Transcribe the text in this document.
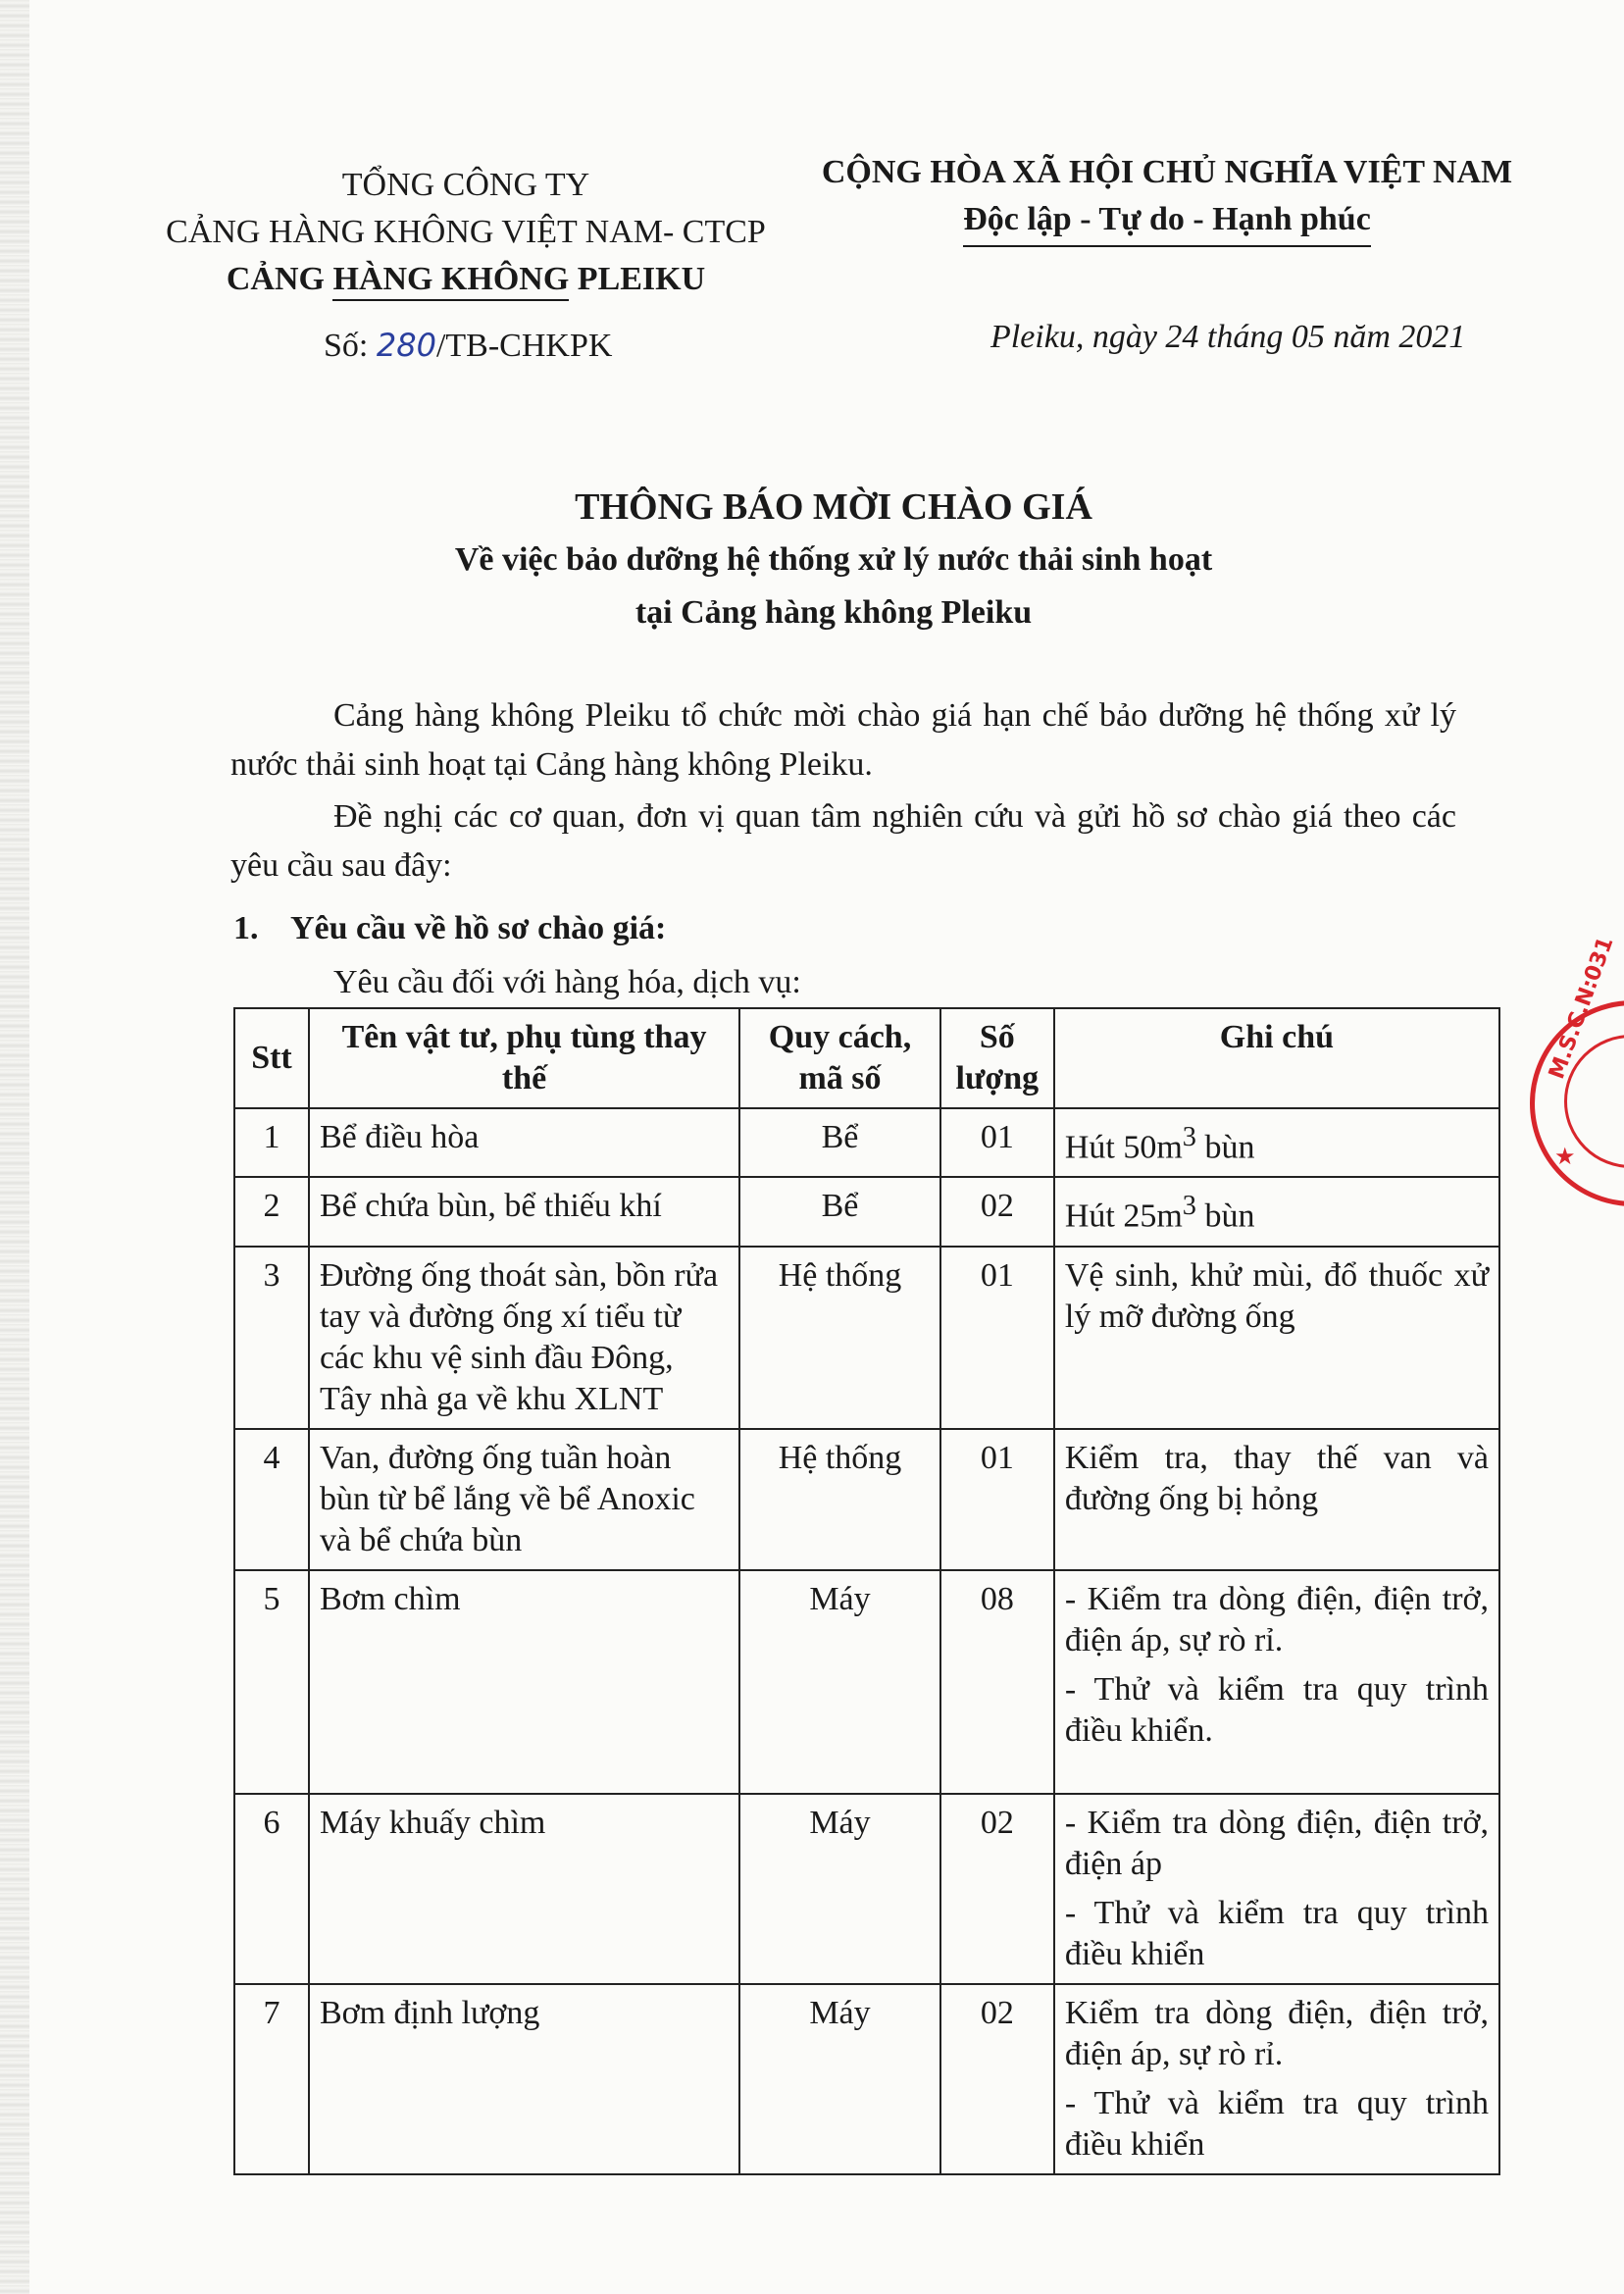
TỔNG CÔNG TY
CẢNG HÀNG KHÔNG VIỆT NAM- CTCP
CẢNG HÀNG KHÔNG PLEIKU
CỘNG HÒA XÃ HỘI CHỦ NGHĨA VIỆT NAM
Độc lập - Tự do - Hạnh phúc
Số: 280/TB-CHKPK	Pleiku, ngày 24 tháng 05 năm 2021
THÔNG BÁO MỜI CHÀO GIÁ
Về việc bảo dưỡng hệ thống xử lý nước thải sinh hoạt
tại Cảng hàng không Pleiku
Cảng hàng không Pleiku tổ chức mời chào giá hạn chế bảo dưỡng hệ thống xử lý nước thải sinh hoạt tại Cảng hàng không Pleiku.
Đề nghị các cơ quan, đơn vị quan tâm nghiên cứu và gửi hồ sơ chào giá theo các yêu cầu sau đây:
1. Yêu cầu về hồ sơ chào giá:
Yêu cầu đối với hàng hóa, dịch vụ:
Stt	Tên vật tư, phụ tùng thay thế	Quy cách, mã số	Số lượng	Ghi chú
1	Bể điều hòa	Bể	01	Hút $50m^3$ bùn
2	Bể chứa bùn, bể thiếu khí	Bể	02	Hút $25m^3$ bùn
3	Đường ống thoát sàn, bồn rửa tay và đường ống xí tiểu từ các khu vệ sinh đầu Đông, Tây nhà ga về khu XLNT	Hệ thống	01	Vệ sinh, khử mùi, đổ thuốc xử lý mỡ đường ống
4	Van, đường ống tuần hoàn bùn từ bể lắng về bể Anoxic và bể chứa bùn	Hệ thống	01	Kiểm tra, thay thế van và đường ống bị hỏng
5	Bơm chìm	Máy	08	- Kiểm tra dòng điện, điện trở, điện áp, sự rò rỉ.
- Thử và kiểm tra quy trình điều khiển.

6	Máy khuấy chìm	Máy	02	- Kiểm tra dòng điện, điện trở, điện áp
- Thử và kiểm tra quy trình điều khiển

7	Bơm định lượng	Máy	02	Kiểm tra dòng điện, điện trở, điện áp, sự rò rỉ.
- Thử và kiểm tra quy trình điều khiển
M.S.C.N:031
★
